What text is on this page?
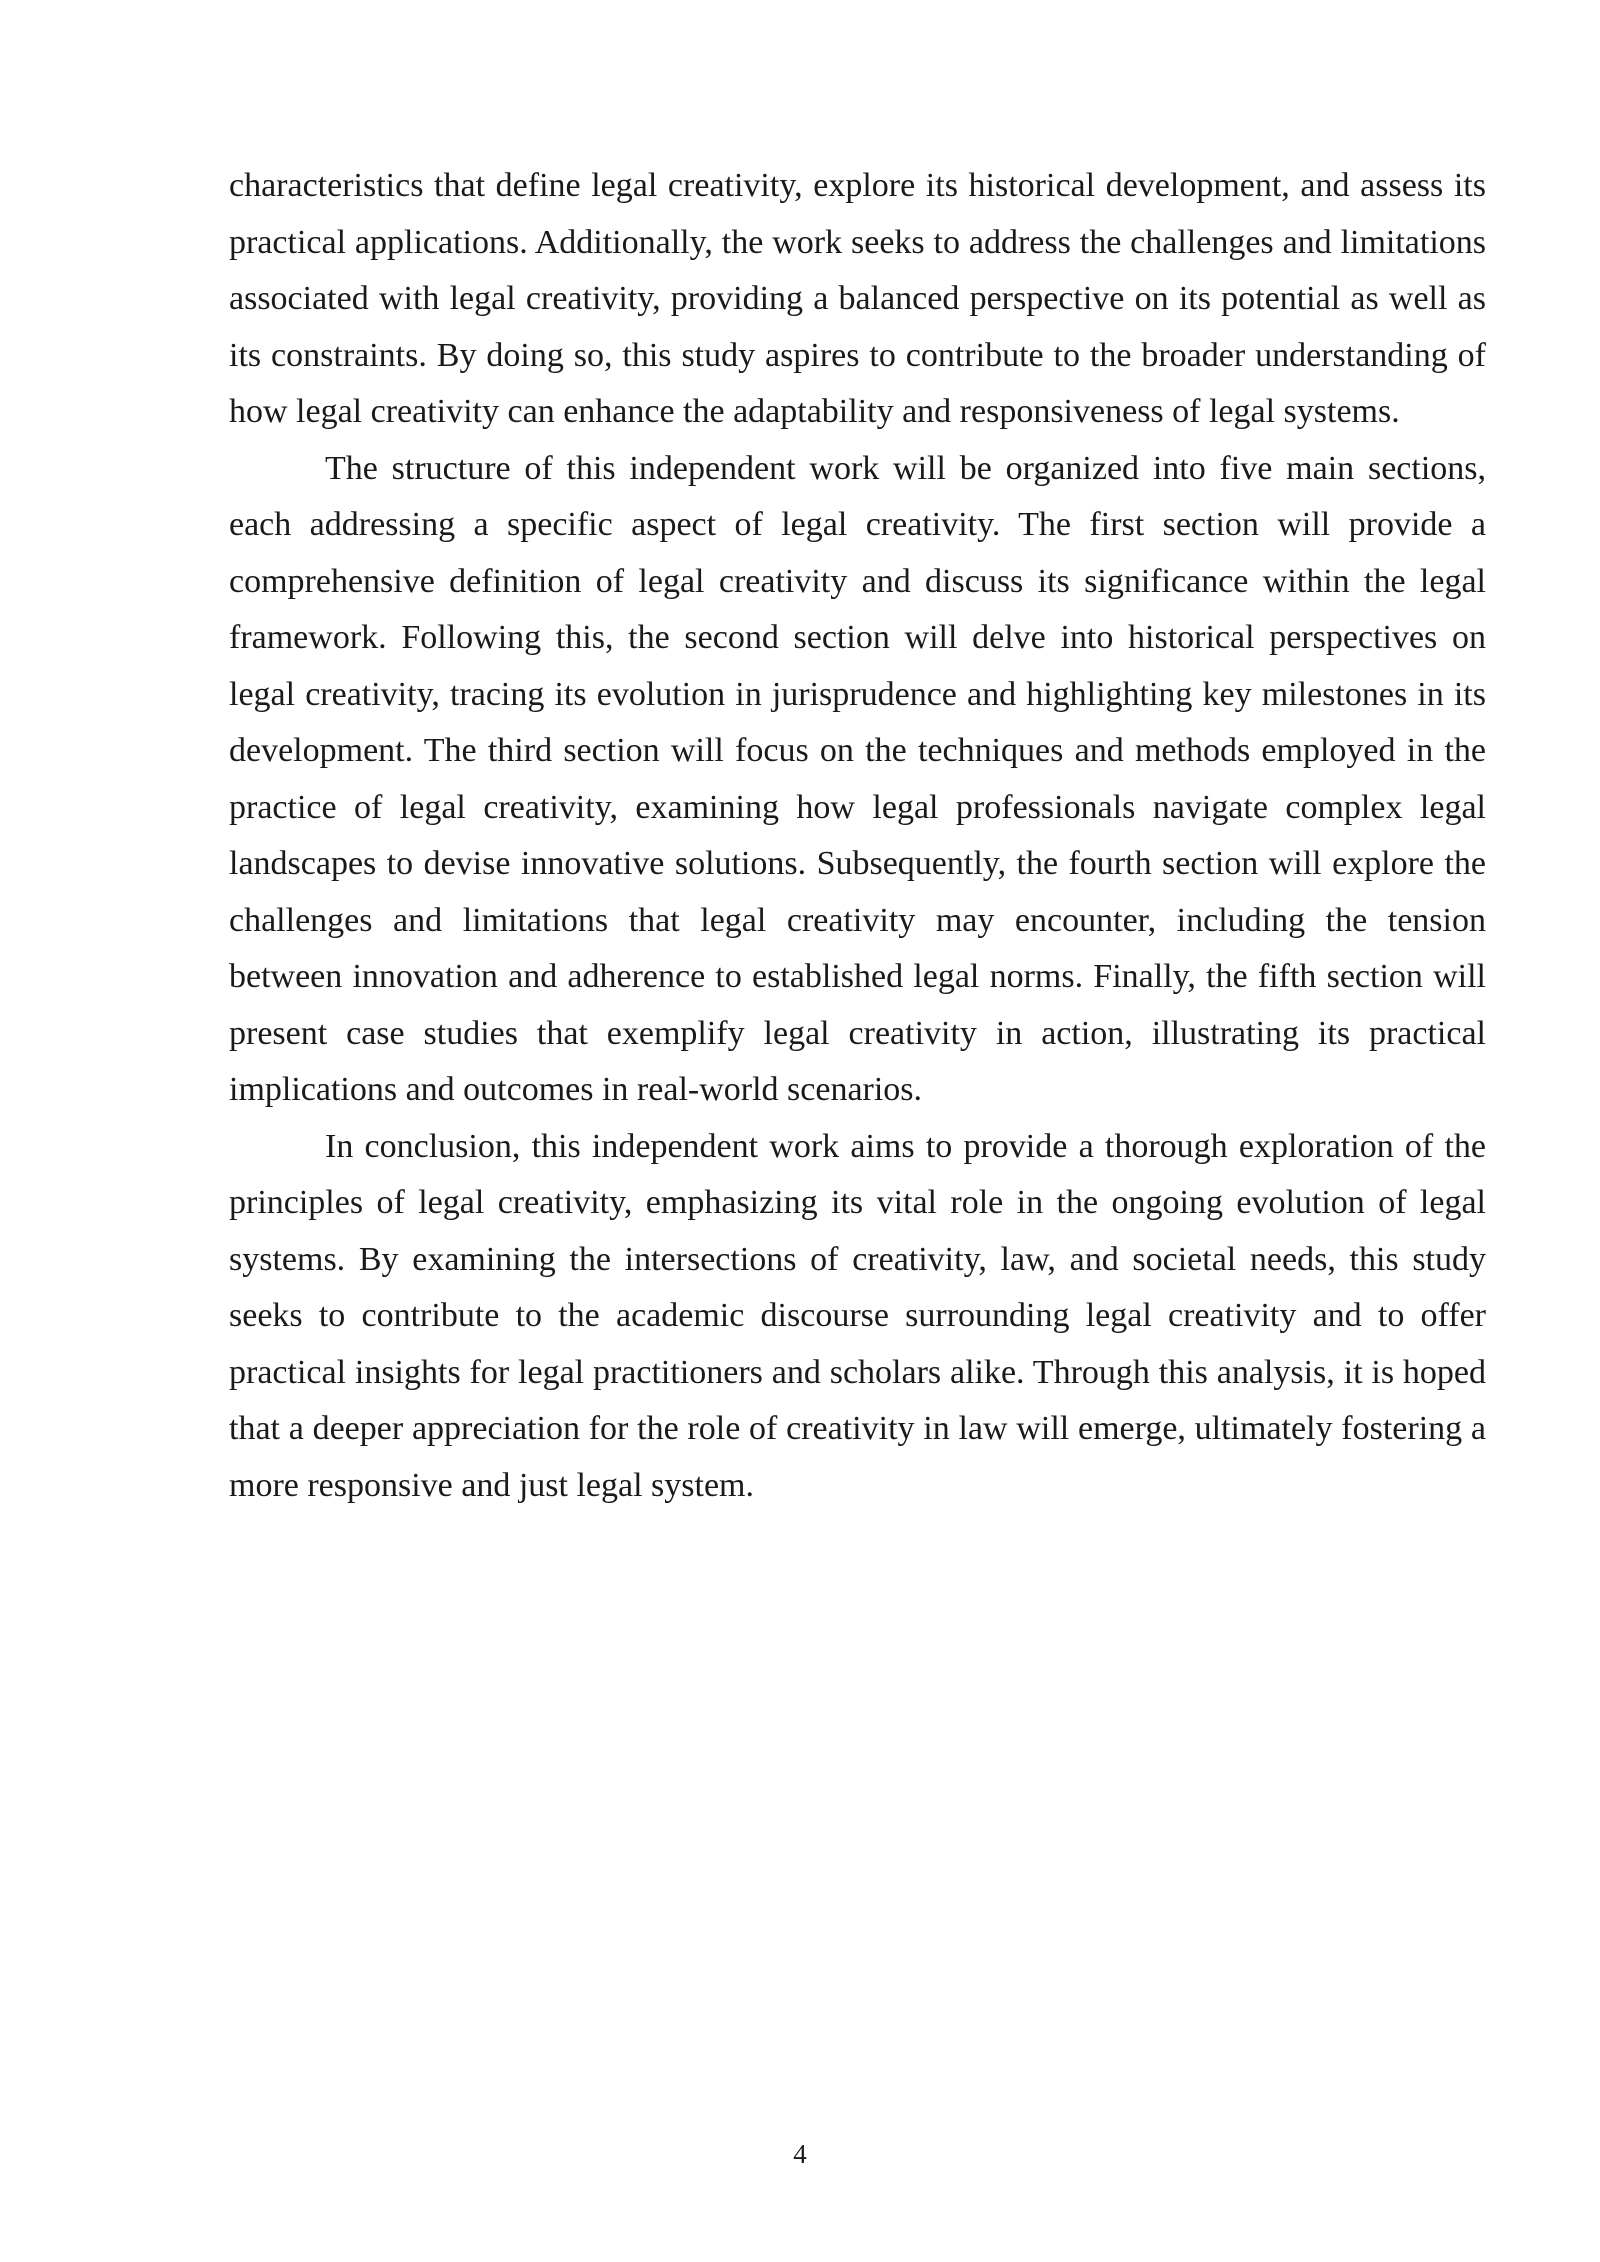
characteristics that define legal creativity, explore its historical development, and assess its practical applications. Additionally, the work seeks to address the challenges and limitations associated with legal creativity, providing a balanced perspective on its potential as well as its constraints. By doing so, this study aspires to contribute to the broader understanding of how legal creativity can enhance the adaptability and responsiveness of legal systems.

The structure of this independent work will be organized into five main sections, each addressing a specific aspect of legal creativity. The first section will provide a comprehensive definition of legal creativity and discuss its significance within the legal framework. Following this, the second section will delve into historical perspectives on legal creativity, tracing its evolution in jurisprudence and highlighting key milestones in its development. The third section will focus on the techniques and methods employed in the practice of legal creativity, examining how legal professionals navigate complex legal landscapes to devise innovative solutions. Subsequently, the fourth section will explore the challenges and limitations that legal creativity may encounter, including the tension between innovation and adherence to established legal norms. Finally, the fifth section will present case studies that exemplify legal creativity in action, illustrating its practical implications and outcomes in real-world scenarios.

In conclusion, this independent work aims to provide a thorough exploration of the principles of legal creativity, emphasizing its vital role in the ongoing evolution of legal systems. By examining the intersections of creativity, law, and societal needs, this study seeks to contribute to the academic discourse surrounding legal creativity and to offer practical insights for legal practitioners and scholars alike. Through this analysis, it is hoped that a deeper appreciation for the role of creativity in law will emerge, ultimately fostering a more responsive and just legal system.

4
